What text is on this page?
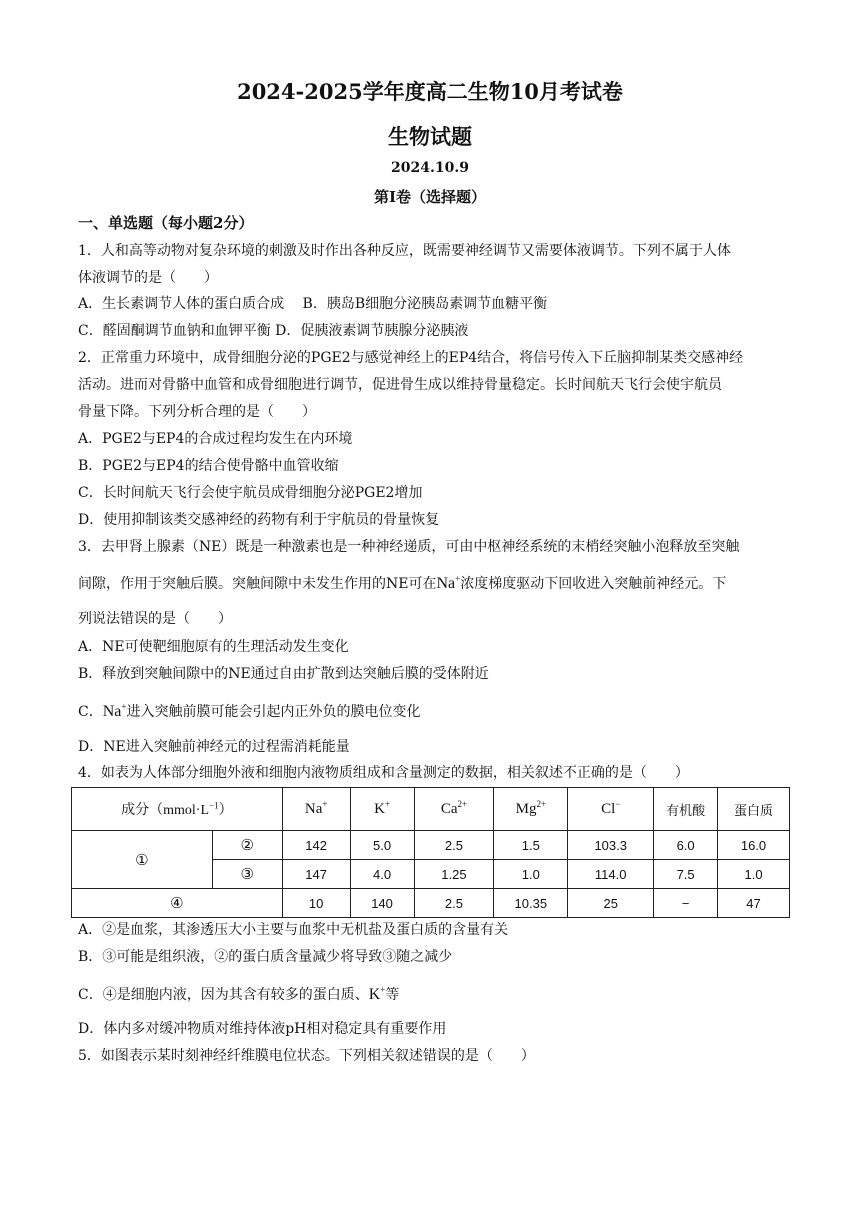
2024-2025学年度高二生物10月考试卷
生物试题
2024.10.9
第Ⅰ卷（选择题）
一、单选题（每小题2分）
1．人和高等动物对复杂环境的刺激及时作出各种反应，既需要神经调节又需要体液调节。下列不属于人体
体液调节的是（　　）
A．生长素调节人体的蛋白质合成　 B．胰岛B细胞分泌胰岛素调节血糖平衡
C．醛固酮调节血钠和血钾平衡 D．促胰液素调节胰腺分泌胰液
2．正常重力环境中，成骨细胞分泌的PGE2与感觉神经上的EP4结合，将信号传入下丘脑抑制某类交感神经
活动。进而对骨骼中血管和成骨细胞进行调节，促进骨生成以维持骨量稳定。长时间航天飞行会使宇航员
骨量下降。下列分析合理的是（　　）
A．PGE2与EP4的合成过程均发生在内环境
B．PGE2与EP4的结合使骨骼中血管收缩
C．长时间航天飞行会使宇航员成骨细胞分泌PGE2增加
D．使用抑制该类交感神经的药物有利于宇航员的骨量恢复
3．去甲肾上腺素（NE）既是一种激素也是一种神经递质，可由中枢神经系统的末梢经突触小泡释放至突触
间隙，作用于突触后膜。突触间隙中未发生作用的NE可在Na+浓度梯度驱动下回收进入突触前神经元。下
列说法错误的是（　　）
A．NE可使靶细胞原有的生理活动发生变化
B．释放到突触间隙中的NE通过自由扩散到达突触后膜的受体附近
C．Na+进入突触前膜可能会引起内正外负的膜电位变化
D．NE进入突触前神经元的过程需消耗能量
4．如表为人体部分细胞外液和细胞内液物质组成和含量测定的数据，相关叙述不正确的是（　　）
成分$(mmol\cdot L^{-1})$		Na+	K+	$Ca^{2+}$	$Mg^{2+}$	Cl−	有机酸	蛋白质
①	②	142	5.0	2.5	1.5	103.3	6.0	16.0
	③	147	4.0	1.25	1.0	114.0	7.5	1.0
④		10	140	2.5	10.35	25	−	47
A．②是血浆，其渗透压大小主要与血浆中无机盐及蛋白质的含量有关
B．③可能是组织液，②的蛋白质含量减少将导致③随之减少
C．④是细胞内液，因为其含有较多的蛋白质、K+等
D．体内多对缓冲物质对维持体液pH相对稳定具有重要作用
5．如图表示某时刻神经纤维膜电位状态。下列相关叙述错误的是（　　）
